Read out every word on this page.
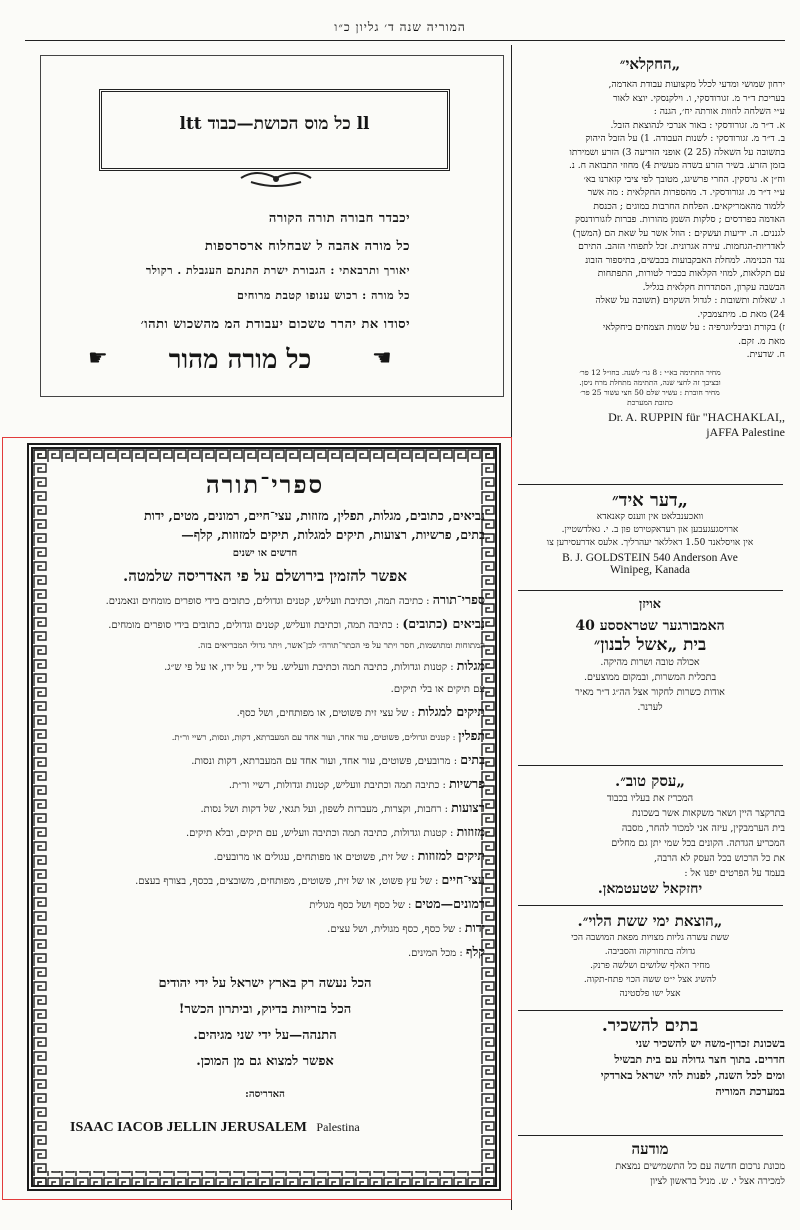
המוריה שנה ד׳ גליון כ״ו
„החקלאי״
ירחון שמושי ומדעי לכלל מקצועות עבודת האדמה,
בעריכת ד״ר מ. זגורודסקי, ו. וילקנסקי. יוצא לאור
ע״י השלחה לחוות אורתה יח׳, הגנה :
א. ד״ר מ. זגורודסקי : באור אנרכי לנהוצאת הזבל.
ב. ד״ר מ. זגורודסקי : לשנות העבודה. 1) על הזבל היהוק
בתשובה על השאלה (25 2) אופני הזריעה 3) הזרע ושמירתו
בזמן הזרע. בשיר הזרע בשדה מעשית 4) מחוזי התבואה ח. נ.
וח״ן א. גרסקין. החרי פרשיגג, מטובך לפי ציבי קזארנו בא׳
ע״י ד״ר מ. זגורודסקי. ד. מהספרות החקלאית : מה אשר
ללמוד מהאמריקאים. הפלחת החרבות במוגים ; הכנסת
האדמה בפרדסים ; סלקות השמן מהורות. פברות לזגורודנסק
לגננים. ה. ידיעות ועשקים : הוזל אשר על שאת הם (המשך)
לאדריות-הגחמות. עירה אגרונית. זכל לתפוחי הזהב. התירם
נגד הכנימה. למחלת האבקבועות בכבשים, בתיספור הזבונ
עם תקלאות, למוזי הקלאות בכביר לטורות, התפתחות
הבשבה עקרון, הסתדרות חקלאית בגליל.
ו. שאלות ותשובות : לגדול השקוים (תשובה על שאלה
24) מאת ם. מיתצמבקי.
ז) בקורת וביבליוגרפיה : על שמות הצמחים ביחקלאי
מאת מ. זקם.
ח. שדעית.
מחיר החתימה בא״י : 8 גר׳ לשנה. בחו״ל 12 פר׳
ובציבך זה לחצי שנה, התתימה מתחלת מרח ניסן.
מחיר חוברת : עשיר שלם 50 חצי עשור 25 פר׳
כתובת המערכת
Dr. A. RUPPIN für "HACHAKLAI,,
jAFFA Palestine
„דער איד״
וואכענבלאט אין ווענס קאנאדא
ארויסגעגעבען און רעדאקטירט פון ב. י. גאלדשטיין.
אין אויסלאנד 1.50 דאללאר יעהרליך. אלעס אדרעסירען צו
B. J. GOLDSTEIN 540 Anderson Ave
Winipeg, Kanada
אויזן
האמבורגער שטראססע 40
בית „אשל לבנון״
אכולה טובה ושרות מהיקה.
בתכלית המשרות, ובמקום ממוצעים.
אודות כשרות לחקור אצל הה״ג ד״ר מאיר
לערנר.
„עסק טוב״.
המכריז את בעליו בכבוד
בתרקצר היין ושאר משקאות אשר בשכונת
בית הערמבקין, עיזה אני למכור להחר, מסבה
המכריע הגדתה. הקונים בכל שמי יתן גם מחלים
את כל הרכוש בכל העסק לא הרבה,
בעמד על הפרטים יפנו אל :
יחזקאל שטעטמאן.
„הוצאת ימי ששת הלוי״.
ששת עשרה גליות מצויות מפאת המושבה הכי
גדולה בתחורקוה והסביבה.
מחיר האלף שלושים ושלשה פרנק.
להשיג אצל י״ט ששה הכוי פתח-תקוה.
אצל ישו פלסטינה
בתים להשכיר.
בשכונת זכרון-משה יש להשכיר שני
חדרים. בתוך חצר גדולה עם בית תבשיל
ומים לכל השנה, לפנות להי ישראל בארדקי
במערכת המוריה
מודעה
מכונת נרכום חדשה עם כל התשמישים נמצאת
למכירה אצל י. ש. מניל בראשון לציון
ll כל מוס הכושת—כבוד ltt
יכבדר חבורה תורה הקורה
כל מורה אהבה ל שבחלוח ארסרספות
יאורך ותרבאתי : הגבורת ישרת התנתם העגבלת . רקולר
כל מורה : רכוש ענופו קטבת מרוחים
יסודו את יהרר טשכום יעבודת המ מהשכוש ותהו׳
כל מורה מהור
☛	☚
ספרי־תורה
נביאים, כתובים, מגלות, תפלין, מזוזות, עצי־חיים, רמונים, מטים, ידות
בתים, פרשיות, רצועות, תיקים למגלות, תיקים למזוזות, קלף—
חדשים או ישנים
אפשר להזמין בירושלם על פי האדריסה שלמטה.
ספרי־תורה : כתיבה תמה, וכתיבת וועליש, קטנים וגדולים, כתובים בידי סופרים מומחים ונאמנים.
נביאים (כתובים) : כתיבה תמה, וכתיבת וועליש, קטנים וגדולים, כתובים בידי סופרים מומחים.
המתוחות ומתושמות, חסר ויתר על פי הכתר־תורה״ לבן־אשר, ויתר גדולי המבריאים בזה.
מגלות : קטנות וגדולות, כתיבה תמה וכתיבת וועליש. על ידי, על ידו, או על פי ש״ג.
עם תיקים או בלי תיקים.
תיקים למגלות : של עצי זית פשוטים, או מפותחים, ושל כסף.
תפלין : קטנים וגדולים, פשוטים, עור אחד, ועור אחד עם המעברתא, דקות, ונסות, רשיי ור״ת.
בתים : מרובעים, פשוטים, עור אחד, ועור אחד עם המעברתא, דקות ונסות.
פרשיות : כתיבה תמה וכתיבת וועליש, קטנות וגדולות, רשיי ור״ת.
רצועות : רחבות, וקצרות, מעברות לשפון, ועל תגאי, של דקות ושל נסות.
מזוזות : קטנות וגדולות, כתיבה תמה וכתיבה וועליש, עם תיקים, ובלא תיקים.
תיקים למזוזות : של זית, פשוטים או מפותחים, עגולים או מרובעים.
עצי־חיים : של עץ פשוט, או של זית, פשוטים, מפותחים, משובצים, בכסף, בצורף בעצם.
רמונים—מטים : של כסף ושל כסף מגולית
ידות : של כסף, כסף מגולית, ושל עצים.
קלף : מכל המינים.
הכל נעשה רק בארץ ישראל על ידי יהודים
הכל בזריזות בדיוק, וביתרון הכשר!
התנהה—על ידי שני מגיהים.
אפשר למצוא גם מן המוכן.
האדריסה:
ISAAC IACOB JELLIN JERUSALEM Palestina
